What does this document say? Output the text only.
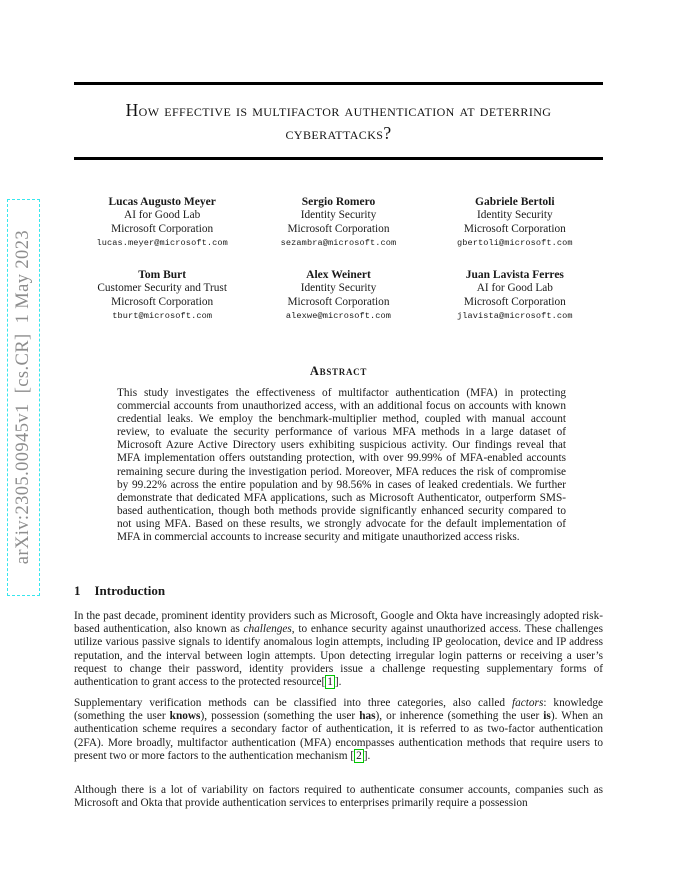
arXiv:2305.00945v1  [cs.CR]  1 May 2023
How effective is multifactor authentication at deterring cyberattacks?
Lucas Augusto Meyer
AI for Good Lab
Microsoft Corporation
lucas.meyer@microsoft.com
Sergio Romero
Identity Security
Microsoft Corporation
sezambra@microsoft.com
Gabriele Bertoli
Identity Security
Microsoft Corporation
gbertoli@microsoft.com
Tom Burt
Customer Security and Trust
Microsoft Corporation
tburt@microsoft.com
Alex Weinert
Identity Security
Microsoft Corporation
alexwe@microsoft.com
Juan Lavista Ferres
AI for Good Lab
Microsoft Corporation
jlavista@microsoft.com
Abstract

This study investigates the effectiveness of multifactor authentication (MFA) in protecting commercial accounts from unauthorized access, with an additional focus on accounts with known credential leaks. We employ the benchmark-multiplier method, coupled with manual account review, to evaluate the security performance of various MFA methods in a large dataset of Microsoft Azure Active Directory users exhibiting suspicious activity. Our findings reveal that MFA implementation offers outstanding protection, with over 99.99% of MFA-enabled accounts remaining secure during the investigation period. Moreover, MFA reduces the risk of compromise by 99.22% across the entire population and by 98.56% in cases of leaked credentials. We further demonstrate that dedicated MFA applications, such as Microsoft Authenticator, outperform SMS-based authentication, though both methods provide significantly enhanced security compared to not using MFA. Based on these results, we strongly advocate for the default implementation of MFA in commercial accounts to increase security and mitigate unauthorized access risks.

1 Introduction

In the past decade, prominent identity providers such as Microsoft, Google and Okta have increasingly adopted risk-based authentication, also known as challenges, to enhance security against unauthorized access. These challenges utilize various passive signals to identify anomalous login attempts, including IP geolocation, device and IP address reputation, and the interval between login attempts. Upon detecting irregular login patterns or receiving a user’s request to change their password, identity providers issue a challenge requesting supplementary forms of authentication to grant access to the protected resource[ 1 ].

Supplementary verification methods can be classified into three categories, also called factors: knowledge (something the user knows), possession (something the user has), or inherence (something the user is). When an authentication scheme requires a secondary factor of authentication, it is referred to as two-factor authentication (2FA). More broadly, multifactor authentication (MFA) encompasses authentication methods that require users to present two or more factors to the authentication mechanism [ 2 ].

Although there is a lot of variability on factors required to authenticate consumer accounts, companies such as Microsoft and Okta that provide authentication services to enterprises primarily require a possession
